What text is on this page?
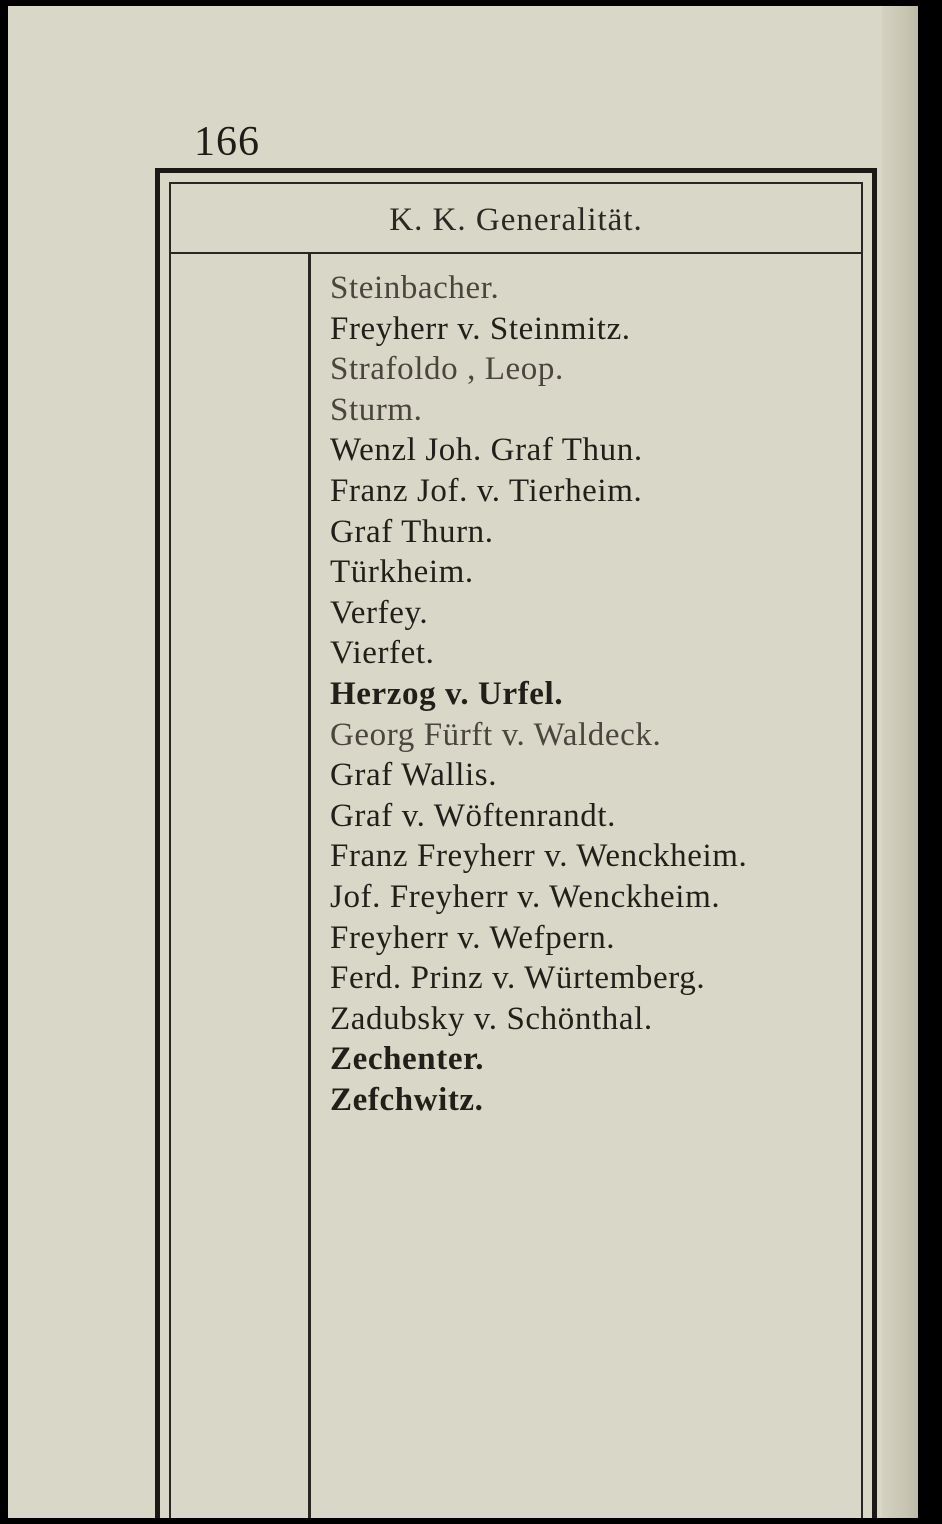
166
K. K. Generalität.
Steinbacher.
Freyherr v. Steinmitz.
Strafoldo , Leop.
Sturm.
Wenzl Joh. Graf Thun.
Franz Jof. v. Tierheim.
Graf Thurn.
Türkheim.
Verfey.
Vierfet.
Herzog v. Urfel.
Georg Fürft v. Waldeck.
Graf Wallis.
Graf v. Wöftenrandt.
Franz Freyherr v. Wenckheim.
Jof. Freyherr v. Wenckheim.
Freyherr v. Wefpern.
Ferd. Prinz v. Würtemberg.
Zadubsky v. Schönthal.
Zechenter.
Zefchwitz.
